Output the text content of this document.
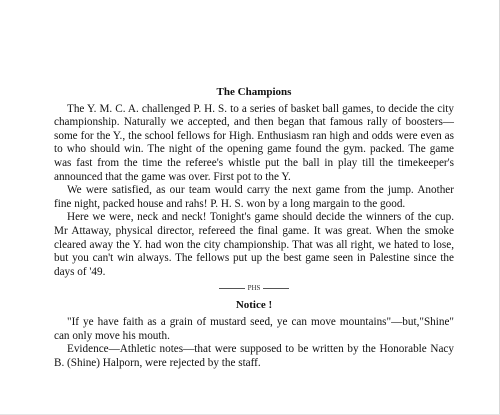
The Champions

The Y. M. C. A. challenged P. H. S. to a series of basket ball games, to decide the city championship. Naturally we accepted, and then began that famous rally of boosters—some for the Y., the school fellows for High. Enthusiasm ran high and odds were even as to who should win. The night of the opening game found the gym. packed. The game was fast from the time the referee's whistle put the ball in play till the timekeeper's announced that the game was over. First pot to the Y.

We were satisfied, as our team would carry the next game from the jump. Another fine night, packed house and rahs! P. H. S. won by a long margain to the good.

Here we were, neck and neck! Tonight's game should decide the winners of the cup. Mr Attaway, physical director, refereed the final game. It was great. When the smoke cleared away the Y. had won the city championship. That was all right, we hated to lose, but you can't win always. The fellows put up the best game seen in Palestine since the days of '49.

PHS
Notice !

"If ye have faith as a grain of mustard seed, ye can move mountains"—but,"Shine" can only move his mouth.

Evidence—Athletic notes—that were supposed to be written by the Honorable Nacy B. (Shine) Halporn, were rejected by the staff.
